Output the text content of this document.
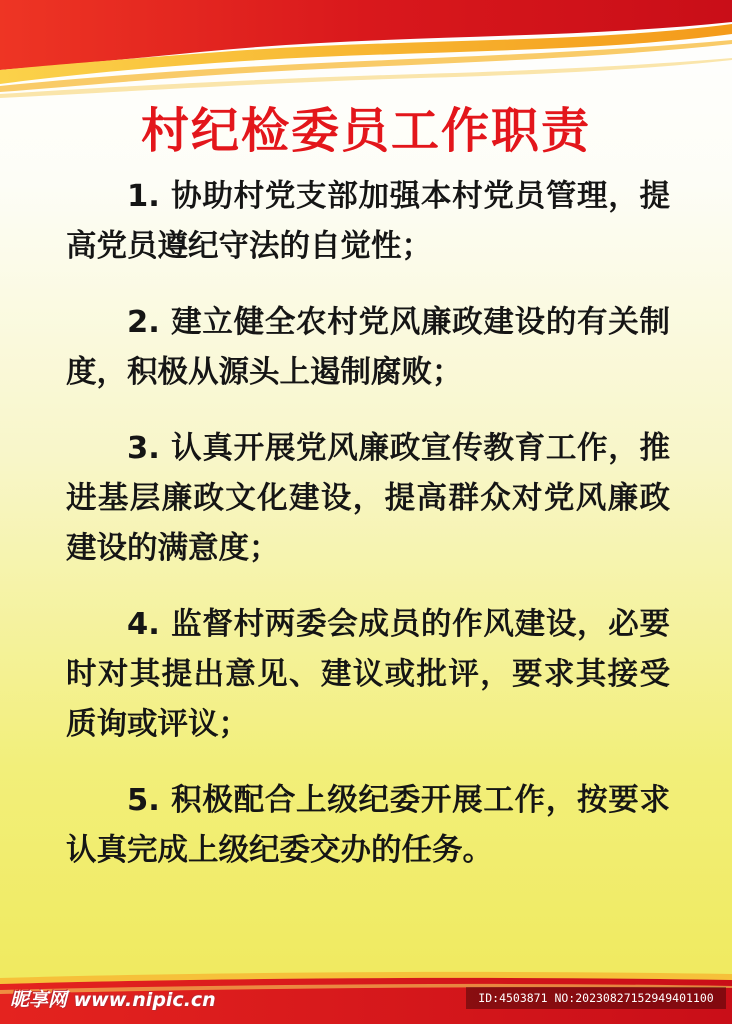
村纪检委员工作职责

1. 协助村党支部加强本村党员管理，提高党员遵纪守法的自觉性；

2. 建立健全农村党风廉政建设的有关制度，积极从源头上遏制腐败；

3. 认真开展党风廉政宣传教育工作，推进基层廉政文化建设，提高群众对党风廉政建设的满意度；

4. 监督村两委会成员的作风建设，必要时对其提出意见、建议或批评，要求其接受质询或评议；

5. 积极配合上级纪委开展工作，按要求认真完成上级纪委交办的任务。

昵享网 www.nipic.cn	ID:4503871 NO:20230827152949401100
